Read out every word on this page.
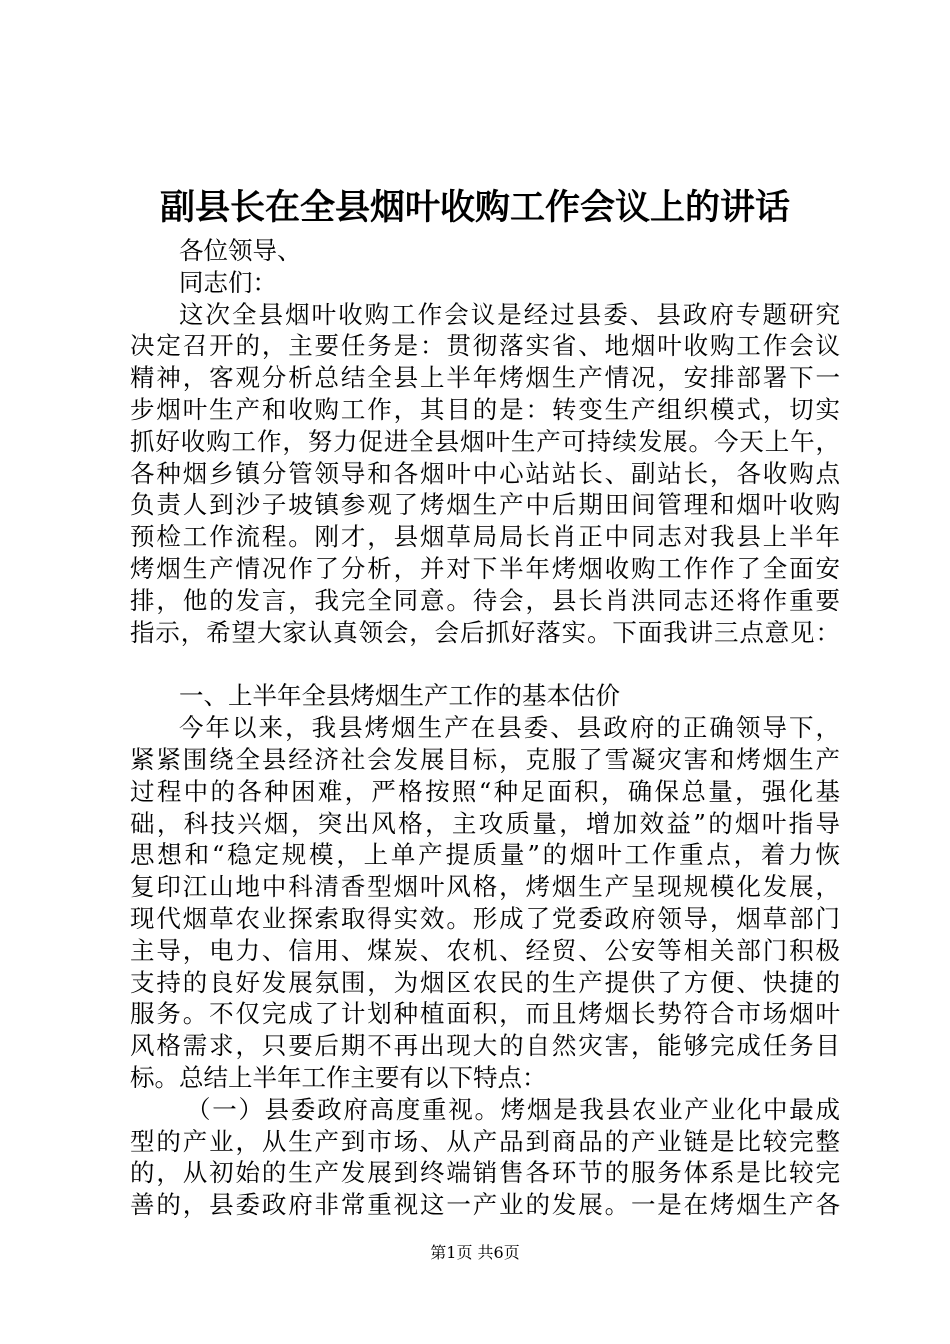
副县长在全县烟叶收购工作会议上的讲话
各位领导、
同志们：
这次全县烟叶收购工作会议是经过县委、县政府专题研究
决定召开的，主要任务是：贯彻落实省、地烟叶收购工作会议
精神，客观分析总结全县上半年烤烟生产情况，安排部署下一
步烟叶生产和收购工作，其目的是：转变生产组织模式，切实
抓好收购工作，努力促进全县烟叶生产可持续发展。今天上午，
各种烟乡镇分管领导和各烟叶中心站站长、副站长，各收购点
负责人到沙子坡镇参观了烤烟生产中后期田间管理和烟叶收购
预检工作流程。刚才，县烟草局局长肖正中同志对我县上半年
烤烟生产情况作了分析，并对下半年烤烟收购工作作了全面安
排，他的发言，我完全同意。待会，县长肖洪同志还将作重要
指示，希望大家认真领会，会后抓好落实。下面我讲三点意见：
一、上半年全县烤烟生产工作的基本估价
今年以来，我县烤烟生产在县委、县政府的正确领导下，
紧紧围绕全县经济社会发展目标，克服了雪凝灾害和烤烟生产
过程中的各种困难，严格按照“种足面积，确保总量，强化基
础，科技兴烟，突出风格，主攻质量，增加效益”的烟叶指导
思想和“稳定规模，上单产提质量”的烟叶工作重点，着力恢
复印江山地中科清香型烟叶风格，烤烟生产呈现规模化发展，
现代烟草农业探索取得实效。形成了党委政府领导，烟草部门
主导，电力、信用、煤炭、农机、经贸、公安等相关部门积极
支持的良好发展氛围，为烟区农民的生产提供了方便、快捷的
服务。不仅完成了计划种植面积，而且烤烟长势符合市场烟叶
风格需求，只要后期不再出现大的自然灾害，能够完成任务目
标。总结上半年工作主要有以下特点：
（一）县委政府高度重视。烤烟是我县农业产业化中最成
型的产业，从生产到市场、从产品到商品的产业链是比较完整
的，从初始的生产发展到终端销售各环节的服务体系是比较完
善的，县委政府非常重视这一产业的发展。一是在烤烟生产各
第1页 共6页
